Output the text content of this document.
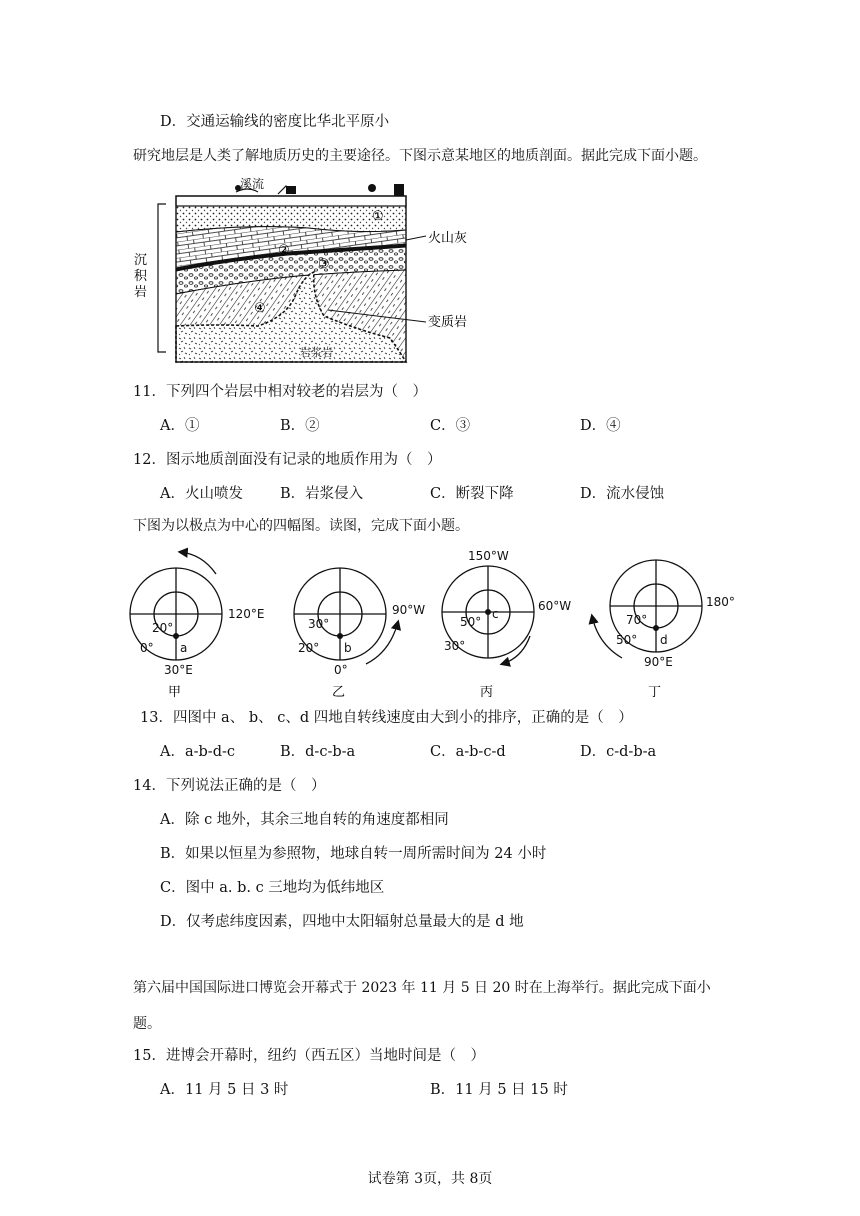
D．交通运输线的密度比华北平原小
研究地层是人类了解地质历史的主要途径。下图示意某地区的地质剖面。据此完成下面小题。
溪流
①
②
③
④
岩浆岩
火山灰
变质岩
沉
积
岩
11．下列四个岩层中相对较老的岩层为（　）
A．①	B．②	C．③	D．④
12．图示地质剖面没有记录的地质作用为（　）
A．火山喷发	B．岩浆侵入	C．断裂下降	D．流水侵蚀
下图为以极点为中心的四幅图。读图，完成下面小题。
20°
0°
120°E
30°E
a
甲
30°
20°
90°W
0°
b
乙
150°W
50°
30°
60°W
c
丙
70°
50°
180°
90°E
d
丁
13．四图中 a、 b、 c、d 四地自转线速度由大到小的排序，正确的是（　）
A．a-b-d-c	B．d-c-b-a	C．a-b-c-d	D．c-d-b-a
14．下列说法正确的是（　）
A．除 c 地外，其余三地自转的角速度都相同
B．如果以恒星为参照物，地球自转一周所需时间为 24 小时
C．图中 a. b. c 三地均为低纬地区
D．仅考虑纬度因素，四地中太阳辐射总量最大的是 d 地
第六届中国国际进口博览会开幕式于 2023 年 11 月 5 日 20 时在上海举行。据此完成下面小
题。
15．进博会开幕时，纽约（西五区）当地时间是（　）
A．11 月 5 日 3 时	B．11 月 5 日 15 时
试卷第 3页，共 8页
